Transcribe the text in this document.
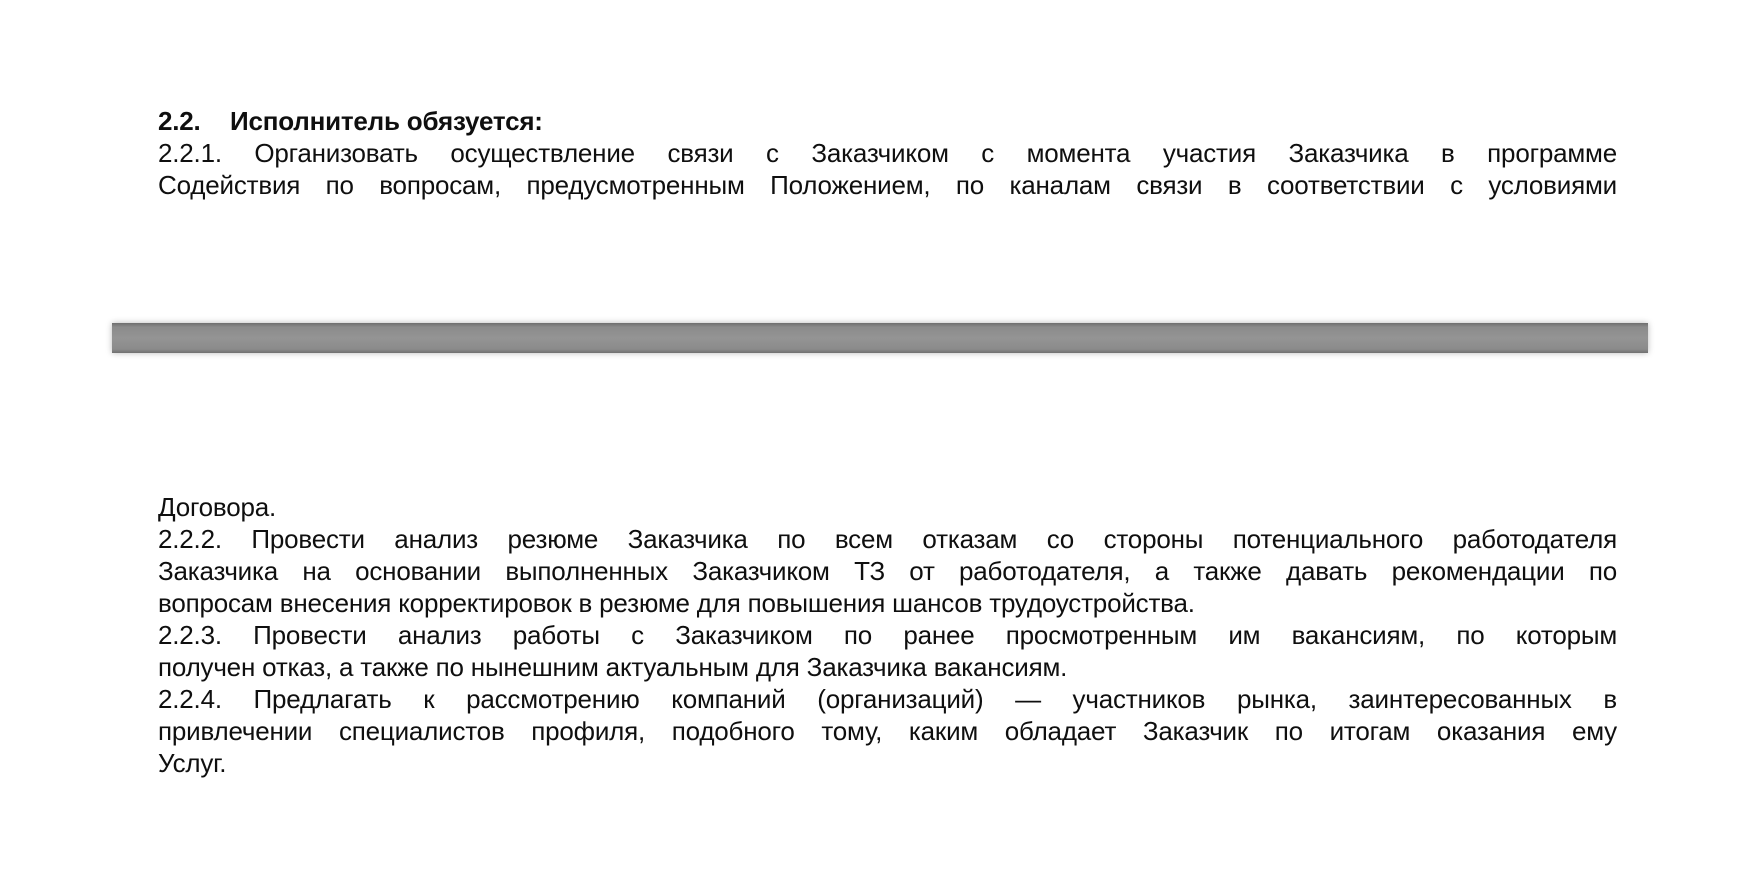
2.2. Исполнитель обязуется:
2.2.1. Организовать осуществление связи с Заказчиком с момента участия Заказчика в программе
Содействия по вопросам, предусмотренным Положением, по каналам связи в соответствии с условиями
Договора.
2.2.2. Провести анализ резюме Заказчика по всем отказам со стороны потенциального работодателя
Заказчика на основании выполненных Заказчиком ТЗ от работодателя, а также давать рекомендации по
вопросам внесения корректировок в резюме для повышения шансов трудоустройства.
2.2.3. Провести анализ работы с Заказчиком по ранее просмотренным им вакансиям, по которым
получен отказ, а также по нынешним актуальным для Заказчика вакансиям.
2.2.4. Предлагать к рассмотрению компаний (организаций) — участников рынка, заинтересованных в
привлечении специалистов профиля, подобного тому, каким обладает Заказчик по итогам оказания ему
Услуг.
